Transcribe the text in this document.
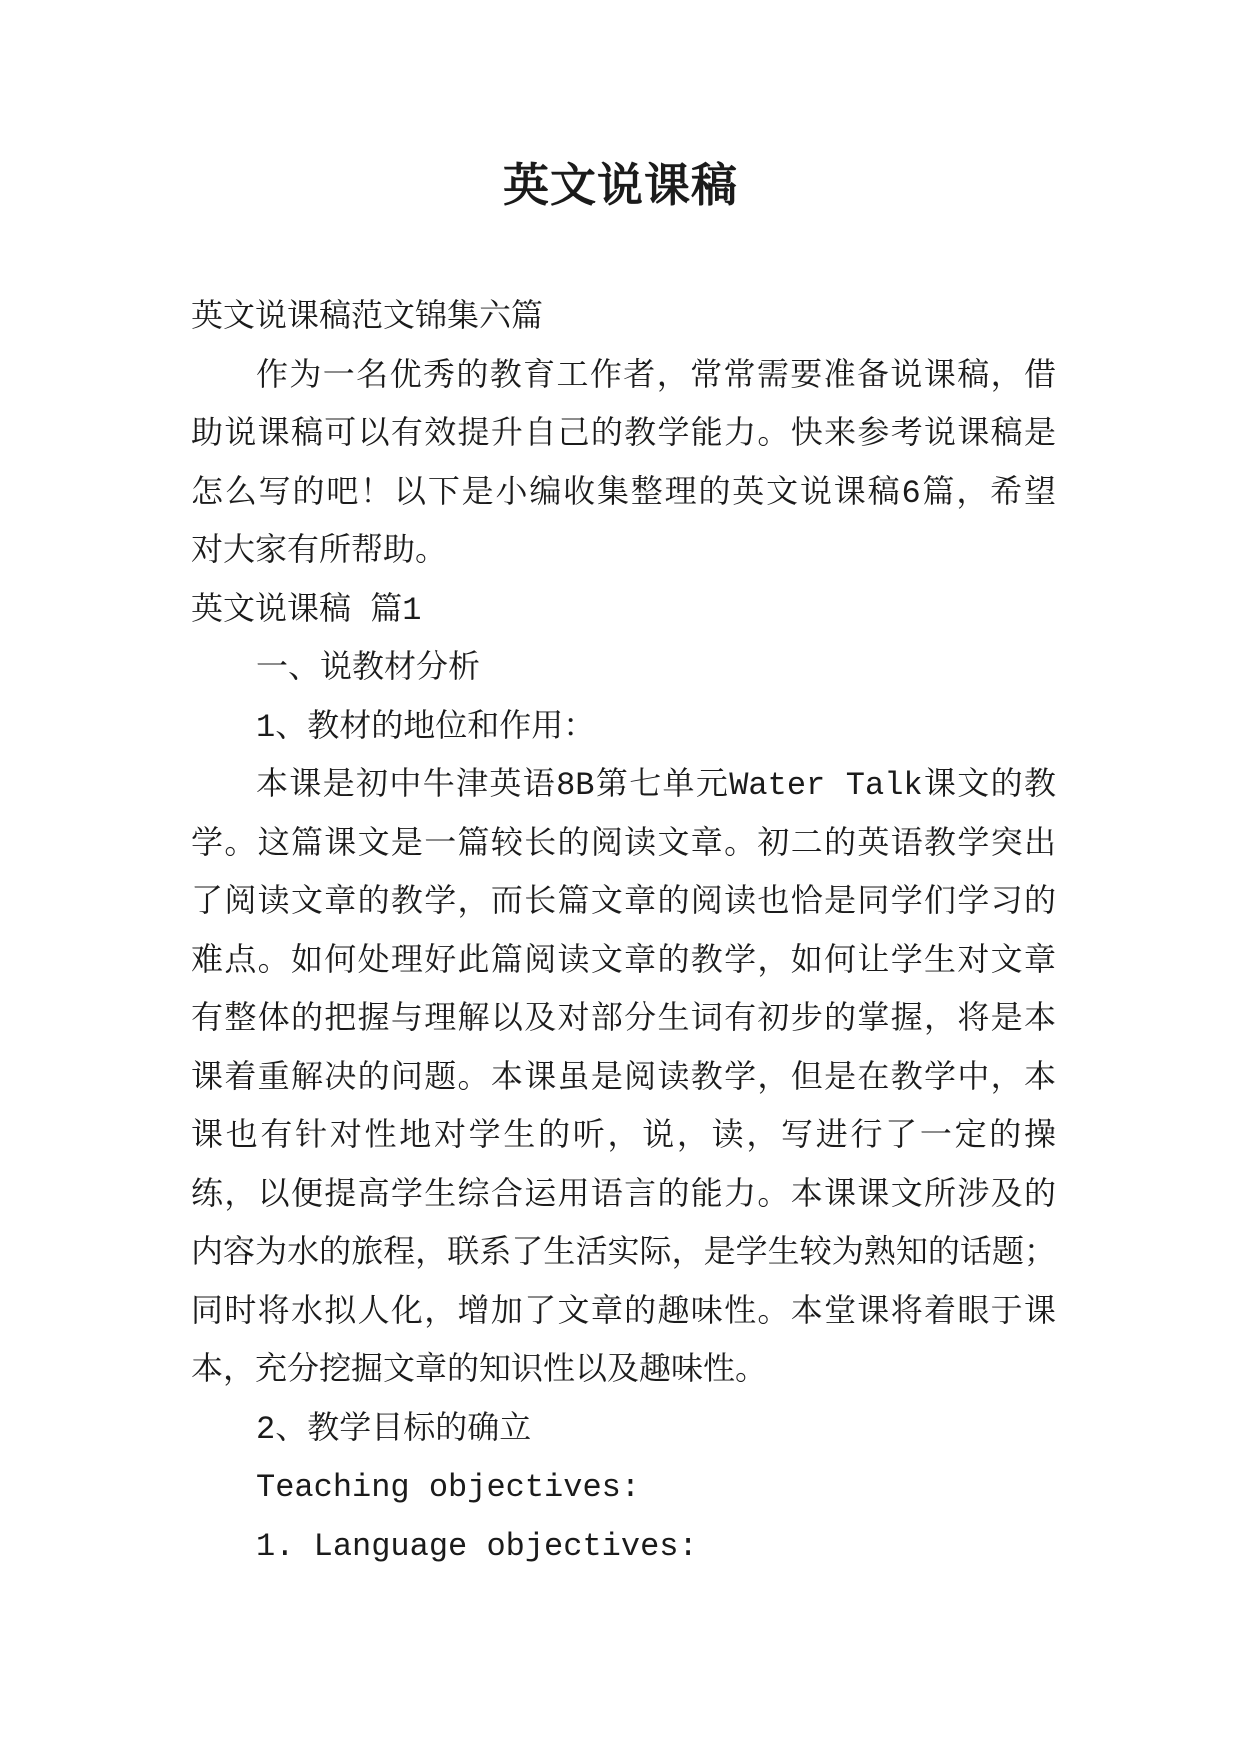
英文说课稿
英文说课稿范文锦集六篇
作为一名优秀的教育工作者，常常需要准备说课稿，借
助说课稿可以有效提升自己的教学能力。快来参考说课稿是
怎么写的吧！以下是小编收集整理的英文说课稿6篇，希望
对大家有所帮助。
英文说课稿 篇1
一、说教材分析
1、教材的地位和作用：
本课是初中牛津英语8B第七单元Water Talk课文的教
学。这篇课文是一篇较长的阅读文章。初二的英语教学突出
了阅读文章的教学，而长篇文章的阅读也恰是同学们学习的
难点。如何处理好此篇阅读文章的教学，如何让学生对文章
有整体的把握与理解以及对部分生词有初步的掌握，将是本
课着重解决的问题。本课虽是阅读教学，但是在教学中，本
课也有针对性地对学生的听，说，读，写进行了一定的操
练，以便提高学生综合运用语言的能力。本课课文所涉及的
内容为水的旅程，联系了生活实际，是学生较为熟知的话题；
同时将水拟人化，增加了文章的趣味性。本堂课将着眼于课
本，充分挖掘文章的知识性以及趣味性。
2、教学目标的确立
Teaching objectives:
1. Language objectives:
